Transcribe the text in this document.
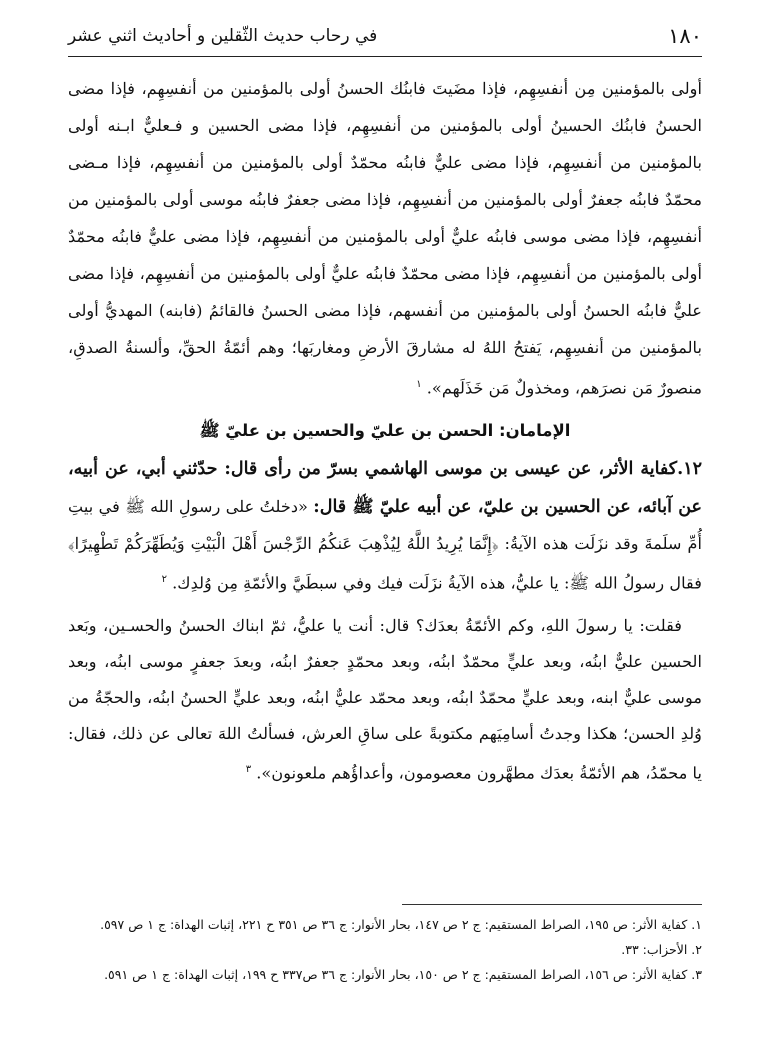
١٨٠
في رحاب حديث الثّقلين و أحاديث اثني عشر

أولى بالمؤمنين مِن أنفسِهِم، فإذا مضَيتَ فابنُك الحسنُ أولى بالمؤمنين من أنفسِهِم، فإذا مضى الحسنُ فابنُك الحسينُ أولى بالمؤمنين من أنفسِهِم، فإذا مضى الحسين و فـعليٌّ ابـنه أولى بالمؤمنين من أنفسِهِم، فإذا مضى عليٌّ فابنُه محمّدٌ أولى بالمؤمنين من أنفسِهِم، فإذا مـضى محمّدٌ فابنُه جعفرٌ أولى بالمؤمنين من أنفسِهِم، فإذا مضى جعفرٌ فابنُه موسى أولى بالمؤمنين من أنفسِهِم، فإذا مضى موسى فابنُه عليٌّ أولى بالمؤمنين من أنفسِهِم، فإذا مضى عليٌّ فابنُه محمّدٌ أولى بالمؤمنين من أنفسِهِم، فإذا مضى محمّدٌ فابنُه عليٌّ أولى بالمؤمنين من أنفسِهِم، فإذا مضى عليٌّ فابنُه الحسنُ أولى بالمؤمنين من أنفسهم، فإذا مضى الحسنُ فالقائمُ (فابنه) المهديُّ أولى بالمؤمنين من أنفسِهِم، يَفتحُ اللهُ له مشارقَ الأرضِ ومغاربَها؛ وهم أئمّةُ الحقِّ، وألسنةُ الصدقِ، منصورٌ مَن نصرَهم، ومخذولٌ مَن خَذَلَهم». $^١$

الإمامان: الحسن بن عليّ والحسين بن عليّ ﷺ

١٢.كفاية الأثر، عن عيسى بن موسى الهاشمي بسرّ من رأى قال: حدّثني أبي، عن أبيه، عن آبائه، عن الحسين بن عليّ، عن أبيه عليّ ﷺ قال: «دخلتُ على رسولِ الله ﷺ في بيتِ أُمِّ سلَمةَ وقد نزَلَت هذه الآيةُ: ﴿إِنَّمَا يُرِيدُ اللَّهُ لِيُذْهِبَ عَنكُمُ الرِّجْسَ أَهْلَ الْبَيْتِ وَيُطَهِّرَكُمْ تَطْهِيرًا﴾ فقال رسولُ الله ﷺ: يا عليُّ، هذه الآيةُ نزَلَت فيك وفي سبطَيَّ والأئمّةِ مِن وُلدِك. $^٢$

فقلت: يا رسولَ اللهِ، وكم الأئمّةُ بعدَك؟ قال: أنت يا عليُّ، ثمّ ابناك الحسنُ والحسـين، وبَعد الحسين عليٌّ ابنُه، وبعد عليٍّ محمّدٌ ابنُه، وبعد محمّدٍ جعفرٌ ابنُه، وبعدَ جعفرٍ موسى ابنُه، وبعد موسى عليٌّ ابنه، وبعد عليٍّ محمّدٌ ابنُه، وبعد محمّد عليٌّ ابنُه، وبعد عليٍّ الحسنُ ابنُه، والحجّةُ من وُلدِ الحسن؛ هكذا وجدتُ أسامِيَهم مكتوبةً على ساقِ العرش، فسألتُ اللهَ تعالى عن ذلك، فقال: يا محمّدُ، هم الأئمّةُ بعدَك مطهَّرون معصومون، وأعداؤُهم ملعونون». $^٣$

١. كفاية الأثر: ص ١٩٥، الصراط المستقيم: ج ٢ ص ١٤٧، بحار الأنوار: ج ٣٦ ص ٣٥١ ح ٢٢١، إثبات الهداة: ج ١ ص ٥٩٧.

٢. الأحزاب: ٣٣.

٣. كفاية الأثر: ص ١٥٦، الصراط المستقيم: ج ٢ ص ١٥٠، بحار الأنوار: ج ٣٦ ص٣٣٧ ح ١٩٩، إثبات الهداة: ج ١ ص ٥٩١.
